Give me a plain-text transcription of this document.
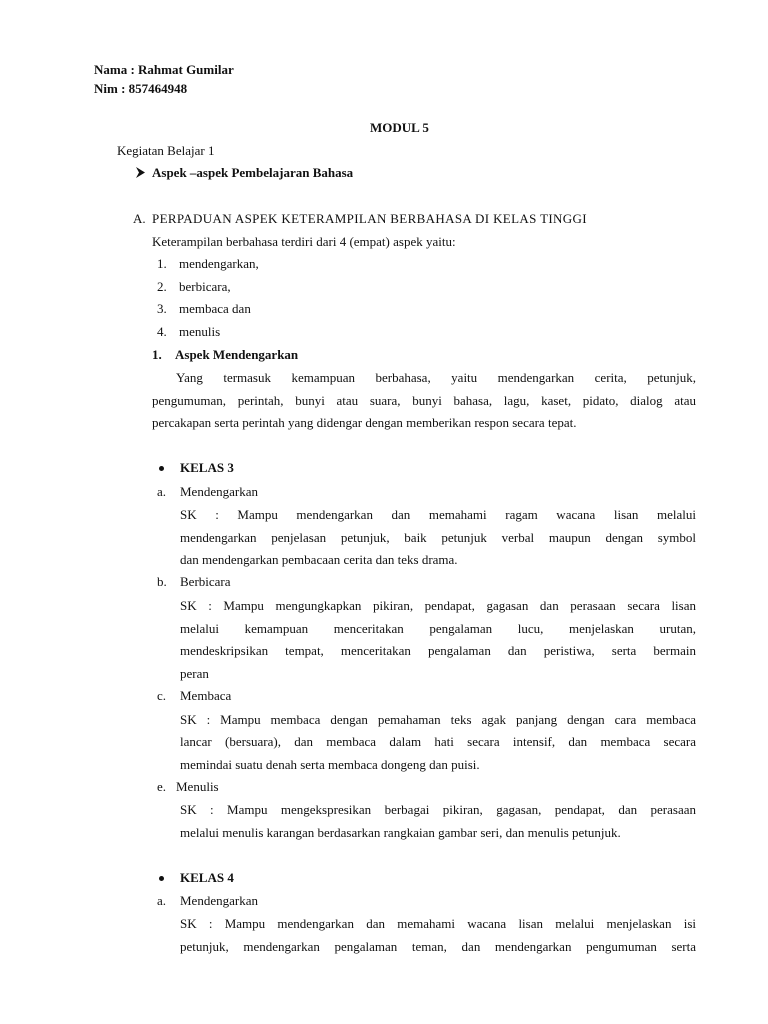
Nama : Rahmat Gumilar
Nim : 857464948
MODUL 5
Kegiatan Belajar 1
Aspek –aspek Pembelajaran Bahasa
A. PERPADUAN ASPEK KETERAMPILAN BERBAHASA DI KELAS TINGGI
Keterampilan berbahasa terdiri dari 4 (empat) aspek yaitu:
1. mendengarkan,
2. berbicara,
3. membaca dan
4. menulis
1. Aspek Mendengarkan
Yang termasuk kemampuan berbahasa, yaitu mendengarkan cerita, petunjuk,
pengumuman, perintah, bunyi atau suara, bunyi bahasa, lagu, kaset, pidato, dialog atau
percakapan serta perintah yang didengar dengan memberikan respon secara tepat.
KELAS 3
a. Mendengarkan
SK : Mampu mendengarkan dan memahami ragam wacana lisan melalui
mendengarkan penjelasan petunjuk, baik petunjuk verbal maupun dengan symbol
dan mendengarkan pembacaan cerita dan teks drama.
b. Berbicara
SK : Mampu mengungkapkan pikiran, pendapat, gagasan dan perasaan secara lisan
melalui kemampuan menceritakan pengalaman lucu, menjelaskan urutan,
mendeskripsikan tempat, menceritakan pengalaman dan peristiwa, serta bermain
peran
c. Membaca
SK : Mampu membaca dengan pemahaman teks agak panjang dengan cara membaca
lancar (bersuara), dan membaca dalam hati secara intensif, dan membaca secara
memindai suatu denah serta membaca dongeng dan puisi.
e. Menulis
SK : Mampu mengekspresikan berbagai pikiran, gagasan, pendapat, dan perasaan
melalui menulis karangan berdasarkan rangkaian gambar seri, dan menulis petunjuk.
KELAS 4
a. Mendengarkan
SK : Mampu mendengarkan dan memahami wacana lisan melalui menjelaskan isi
petunjuk, mendengarkan pengalaman teman, dan mendengarkan pengumuman serta
